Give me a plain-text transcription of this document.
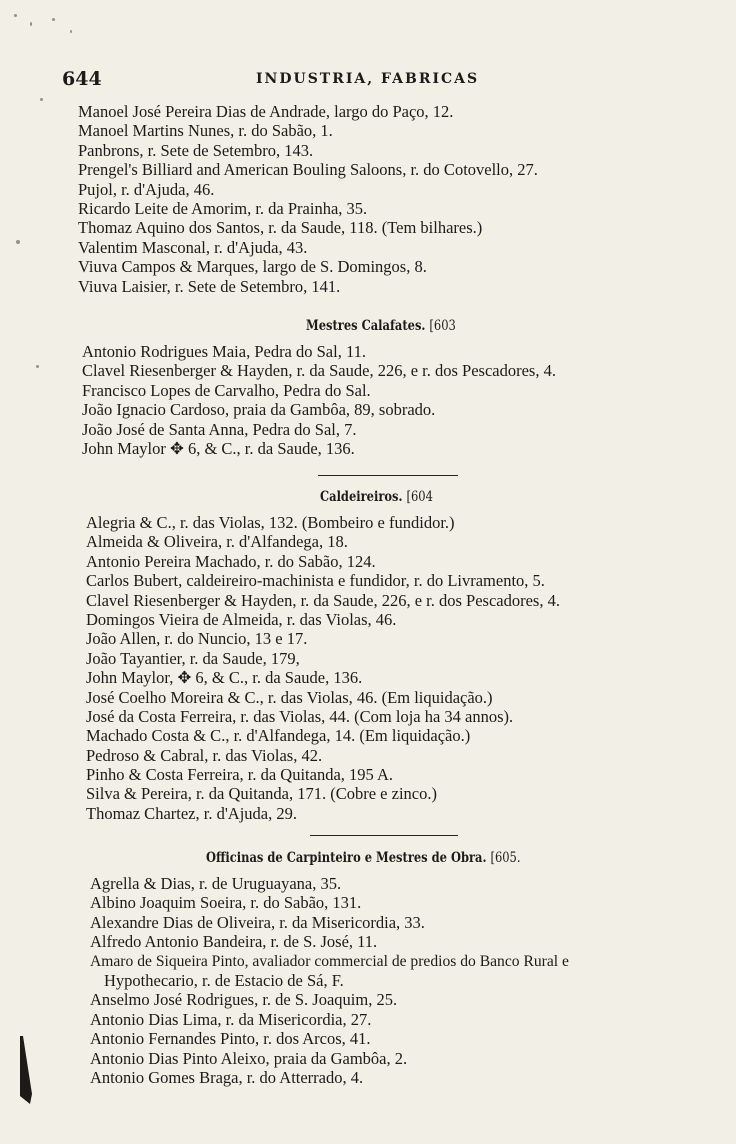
644	INDUSTRIA, FABRICAS
Manoel José Pereira Dias de Andrade, largo do Paço, 12.
Manoel Martins Nunes, r. do Sabão, 1.
Panbrons, r. Sete de Setembro, 143.
Prengel's Billiard and American Bouling Saloons, r. do Cotovello, 27.
Pujol, r. d'Ajuda, 46.
Ricardo Leite de Amorim, r. da Prainha, 35.
Thomaz Aquino dos Santos, r. da Saude, 118. (Tem bilhares.)
Valentim Masconal, r. d'Ajuda, 43.
Viuva Campos & Marques, largo de S. Domingos, 8.
Viuva Laisier, r. Sete de Setembro, 141.
Mestres Calafates. [603
Antonio Rodrigues Maia, Pedra do Sal, 11.
Clavel Riesenberger & Hayden, r. da Saude, 226, e r. dos Pescadores, 4.
Francisco Lopes de Carvalho, Pedra do Sal.
João Ignacio Cardoso, praia da Gambôa, 89, sobrado.
João José de Santa Anna, Pedra do Sal, 7.
John Maylor ✥ 6, & C., r. da Saude, 136.
Caldeireiros. [604
Alegria & C., r. das Violas, 132. (Bombeiro e fundidor.)
Almeida & Oliveira, r. d'Alfandega, 18.
Antonio Pereira Machado, r. do Sabão, 124.
Carlos Bubert, caldeireiro-machinista e fundidor, r. do Livramento, 5.
Clavel Riesenberger & Hayden, r. da Saude, 226, e r. dos Pescadores, 4.
Domingos Vieira de Almeida, r. das Violas, 46.
João Allen, r. do Nuncio, 13 e 17.
João Tayantier, r. da Saude, 179,
John Maylor, ✥ 6, & C., r. da Saude, 136.
José Coelho Moreira & C., r. das Violas, 46. (Em liquidação.)
José da Costa Ferreira, r. das Violas, 44. (Com loja ha 34 annos).
Machado Costa & C., r. d'Alfandega, 14. (Em liquidação.)
Pedroso & Cabral, r. das Violas, 42.
Pinho & Costa Ferreira, r. da Quitanda, 195 A.
Silva & Pereira, r. da Quitanda, 171. (Cobre e zinco.)
Thomaz Chartez, r. d'Ajuda, 29.
Officinas de Carpinteiro e Mestres de Obra. [605.
Agrella & Dias, r. de Uruguayana, 35.
Albino Joaquim Soeira, r. do Sabão, 131.
Alexandre Dias de Oliveira, r. da Misericordia, 33.
Alfredo Antonio Bandeira, r. de S. José, 11.
Amaro de Siqueira Pinto, avaliador commercial de predios do Banco Rural e
Hypothecario, r. de Estacio de Sá, F.
Anselmo José Rodrigues, r. de S. Joaquim, 25.
Antonio Dias Lima, r. da Misericordia, 27.
Antonio Fernandes Pinto, r. dos Arcos, 41.
Antonio Dias Pinto Aleixo, praia da Gambôa, 2.
Antonio Gomes Braga, r. do Atterrado, 4.
